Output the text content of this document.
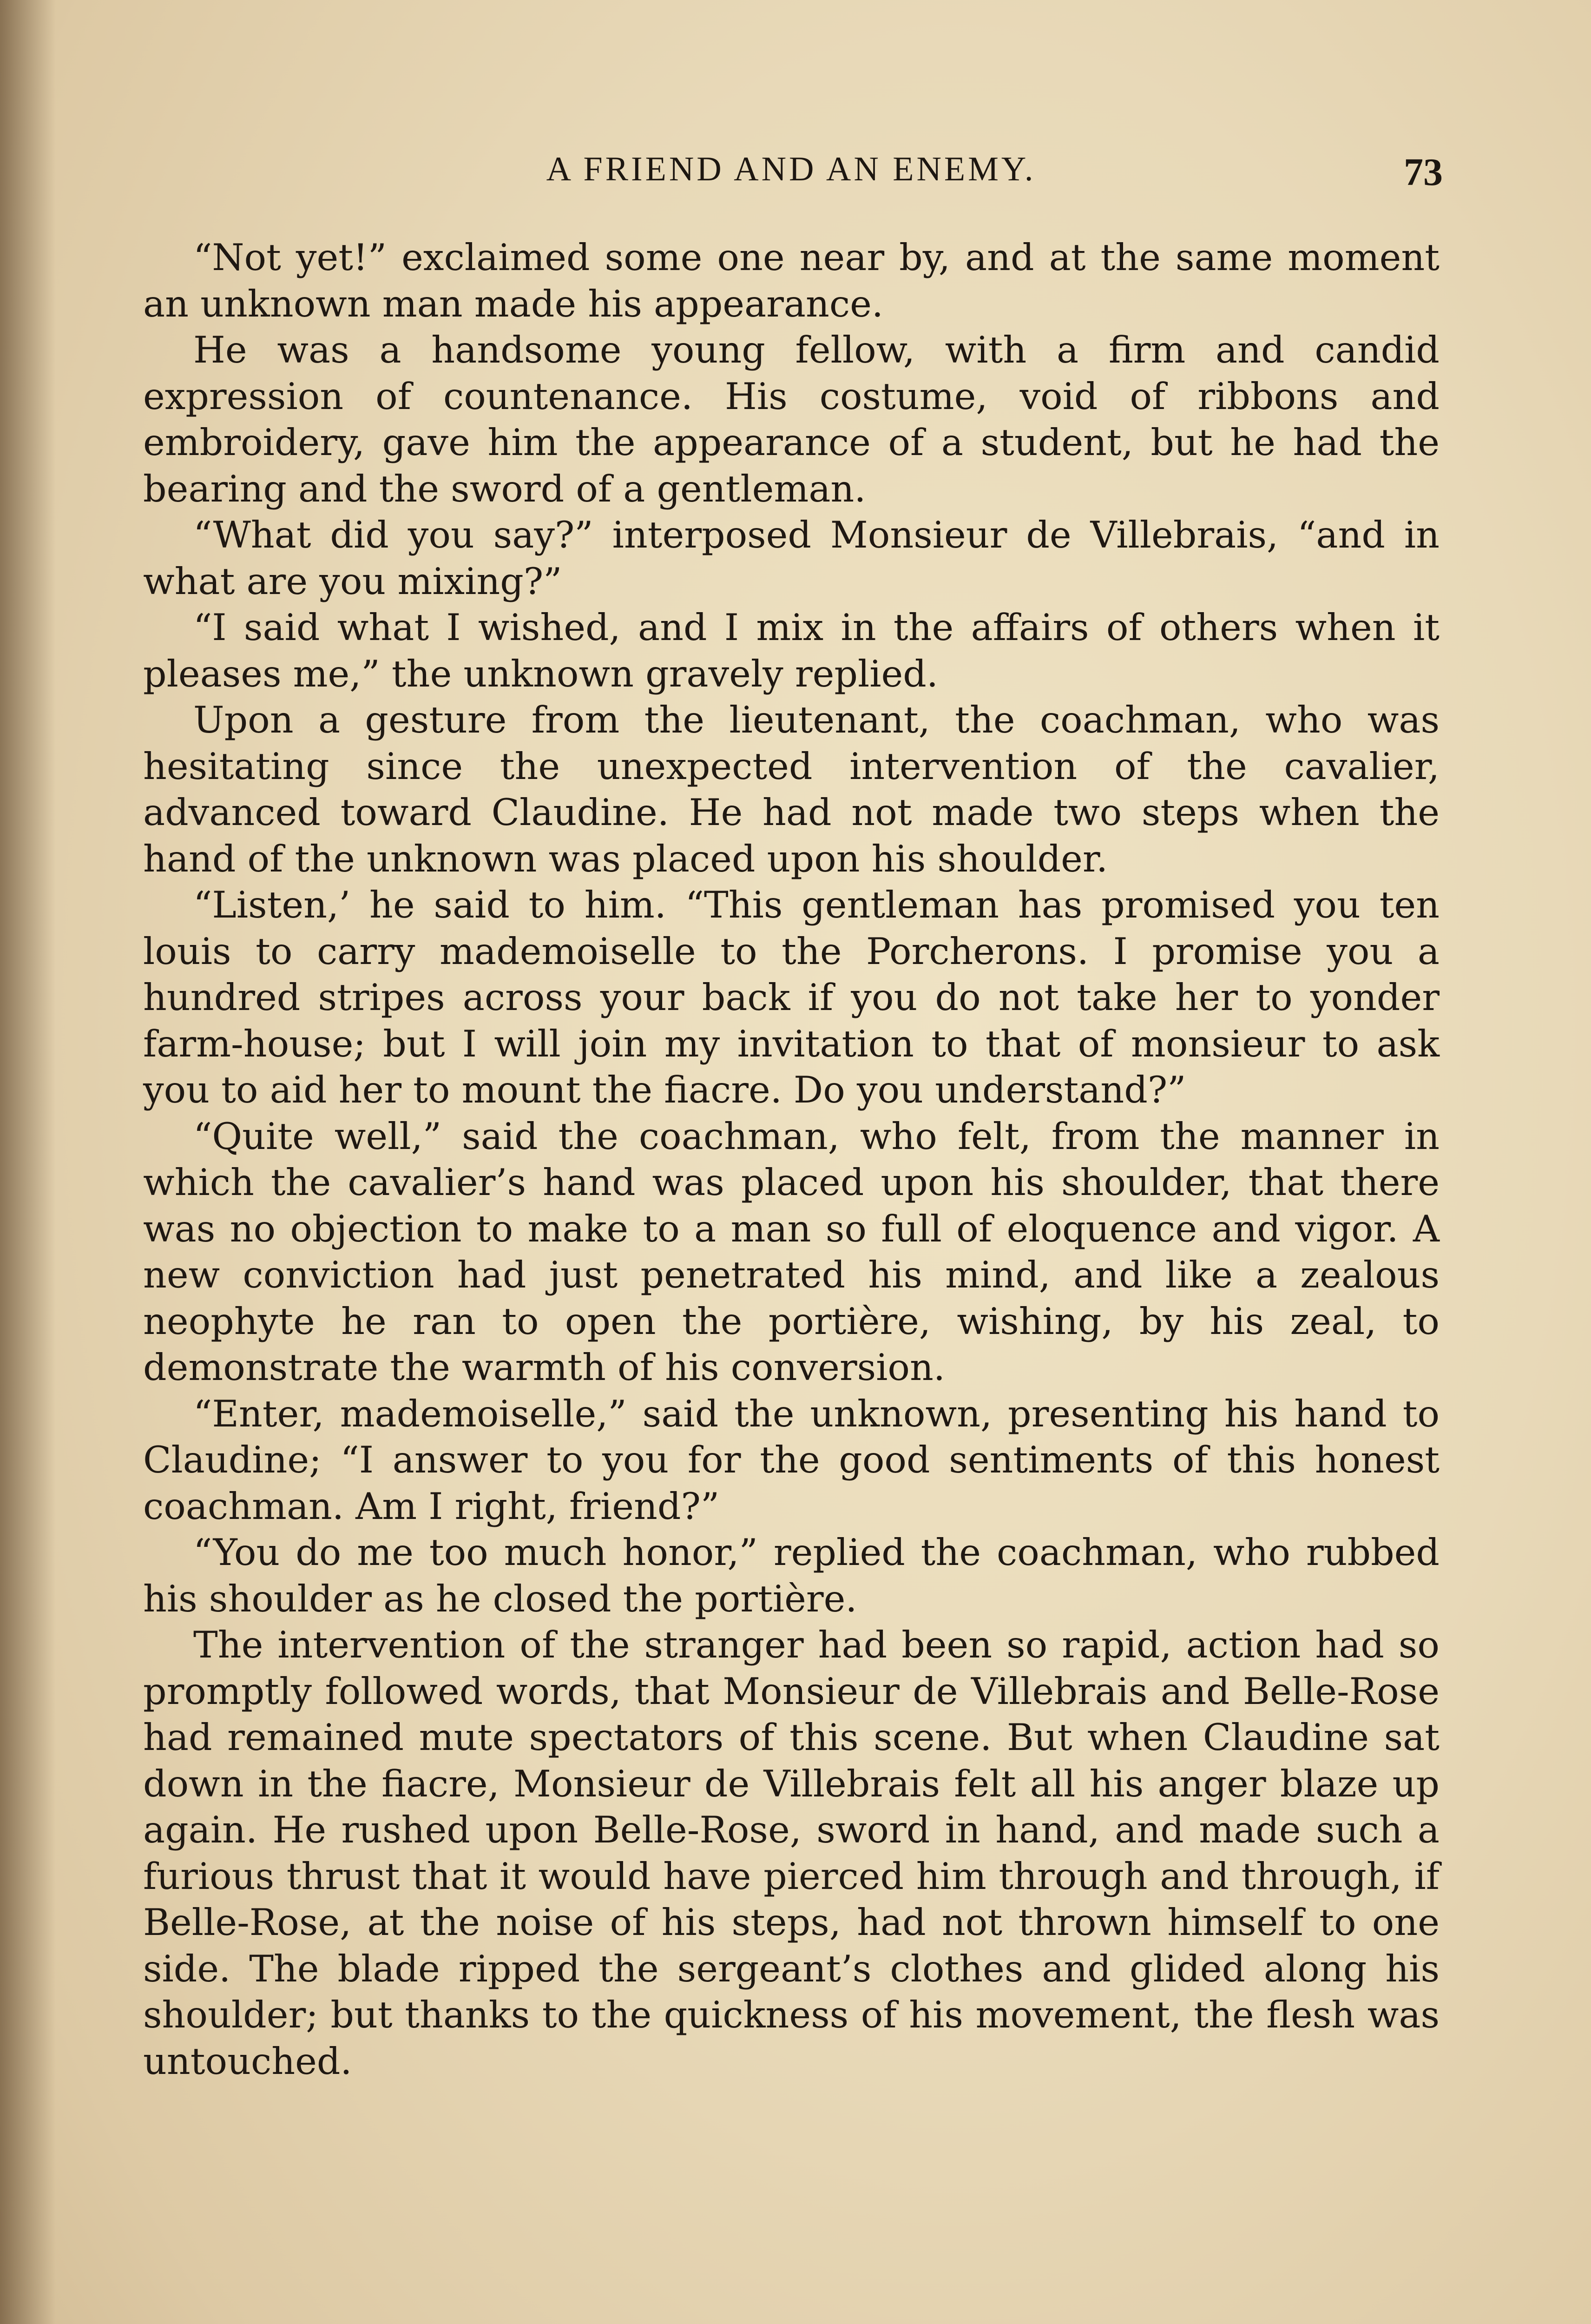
A FRIEND AND AN ENEMY.	73

“Not yet!” exclaimed some one near by, and at the same moment an unknown man made his appearance.

He was a handsome young fellow, with a firm and candid expression of countenance. His costume, void of ribbons and embroidery, gave him the appearance of a student, but he had the bearing and the sword of a gentleman.

“What did you say?” interposed Monsieur de Villebrais, “and in what are you mixing?”

“I said what I wished, and I mix in the affairs of others when it pleases me,” the unknown gravely replied.

Upon a gesture from the lieutenant, the coachman, who was hesitating since the unexpected intervention of the cavalier, advanced toward Claudine. He had not made two steps when the hand of the unknown was placed upon his shoulder.

“Listen,’ he said to him. “This gentleman has promised you ten louis to carry mademoiselle to the Porcherons. I promise you a hundred stripes across your back if you do not take her to yonder farm-house; but I will join my invitation to that of monsieur to ask you to aid her to mount the fiacre. Do you understand?”

“Quite well,” said the coachman, who felt, from the manner in which the cavalier’s hand was placed upon his shoulder, that there was no objection to make to a man so full of eloquence and vigor. A new conviction had just penetrated his mind, and like a zealous neophyte he ran to open the portière, wishing, by his zeal, to demonstrate the warmth of his conversion.

“Enter, mademoiselle,” said the unknown, presenting his hand to Claudine; “I answer to you for the good sentiments of this honest coachman. Am I right, friend?”

“You do me too much honor,” replied the coachman, who rubbed his shoulder as he closed the portière.

The intervention of the stranger had been so rapid, action had so promptly followed words, that Monsieur de Villebrais and Belle-Rose had remained mute spectators of this scene. But when Claudine sat down in the fiacre, Monsieur de Villebrais felt all his anger blaze up again. He rushed upon Belle-Rose, sword in hand, and made such a furious thrust that it would have pierced him through and through, if Belle-Rose, at the noise of his steps, had not thrown himself to one side. The blade ripped the sergeant’s clothes and glided along his shoulder; but thanks to the quickness of his movement, the flesh was untouched.
